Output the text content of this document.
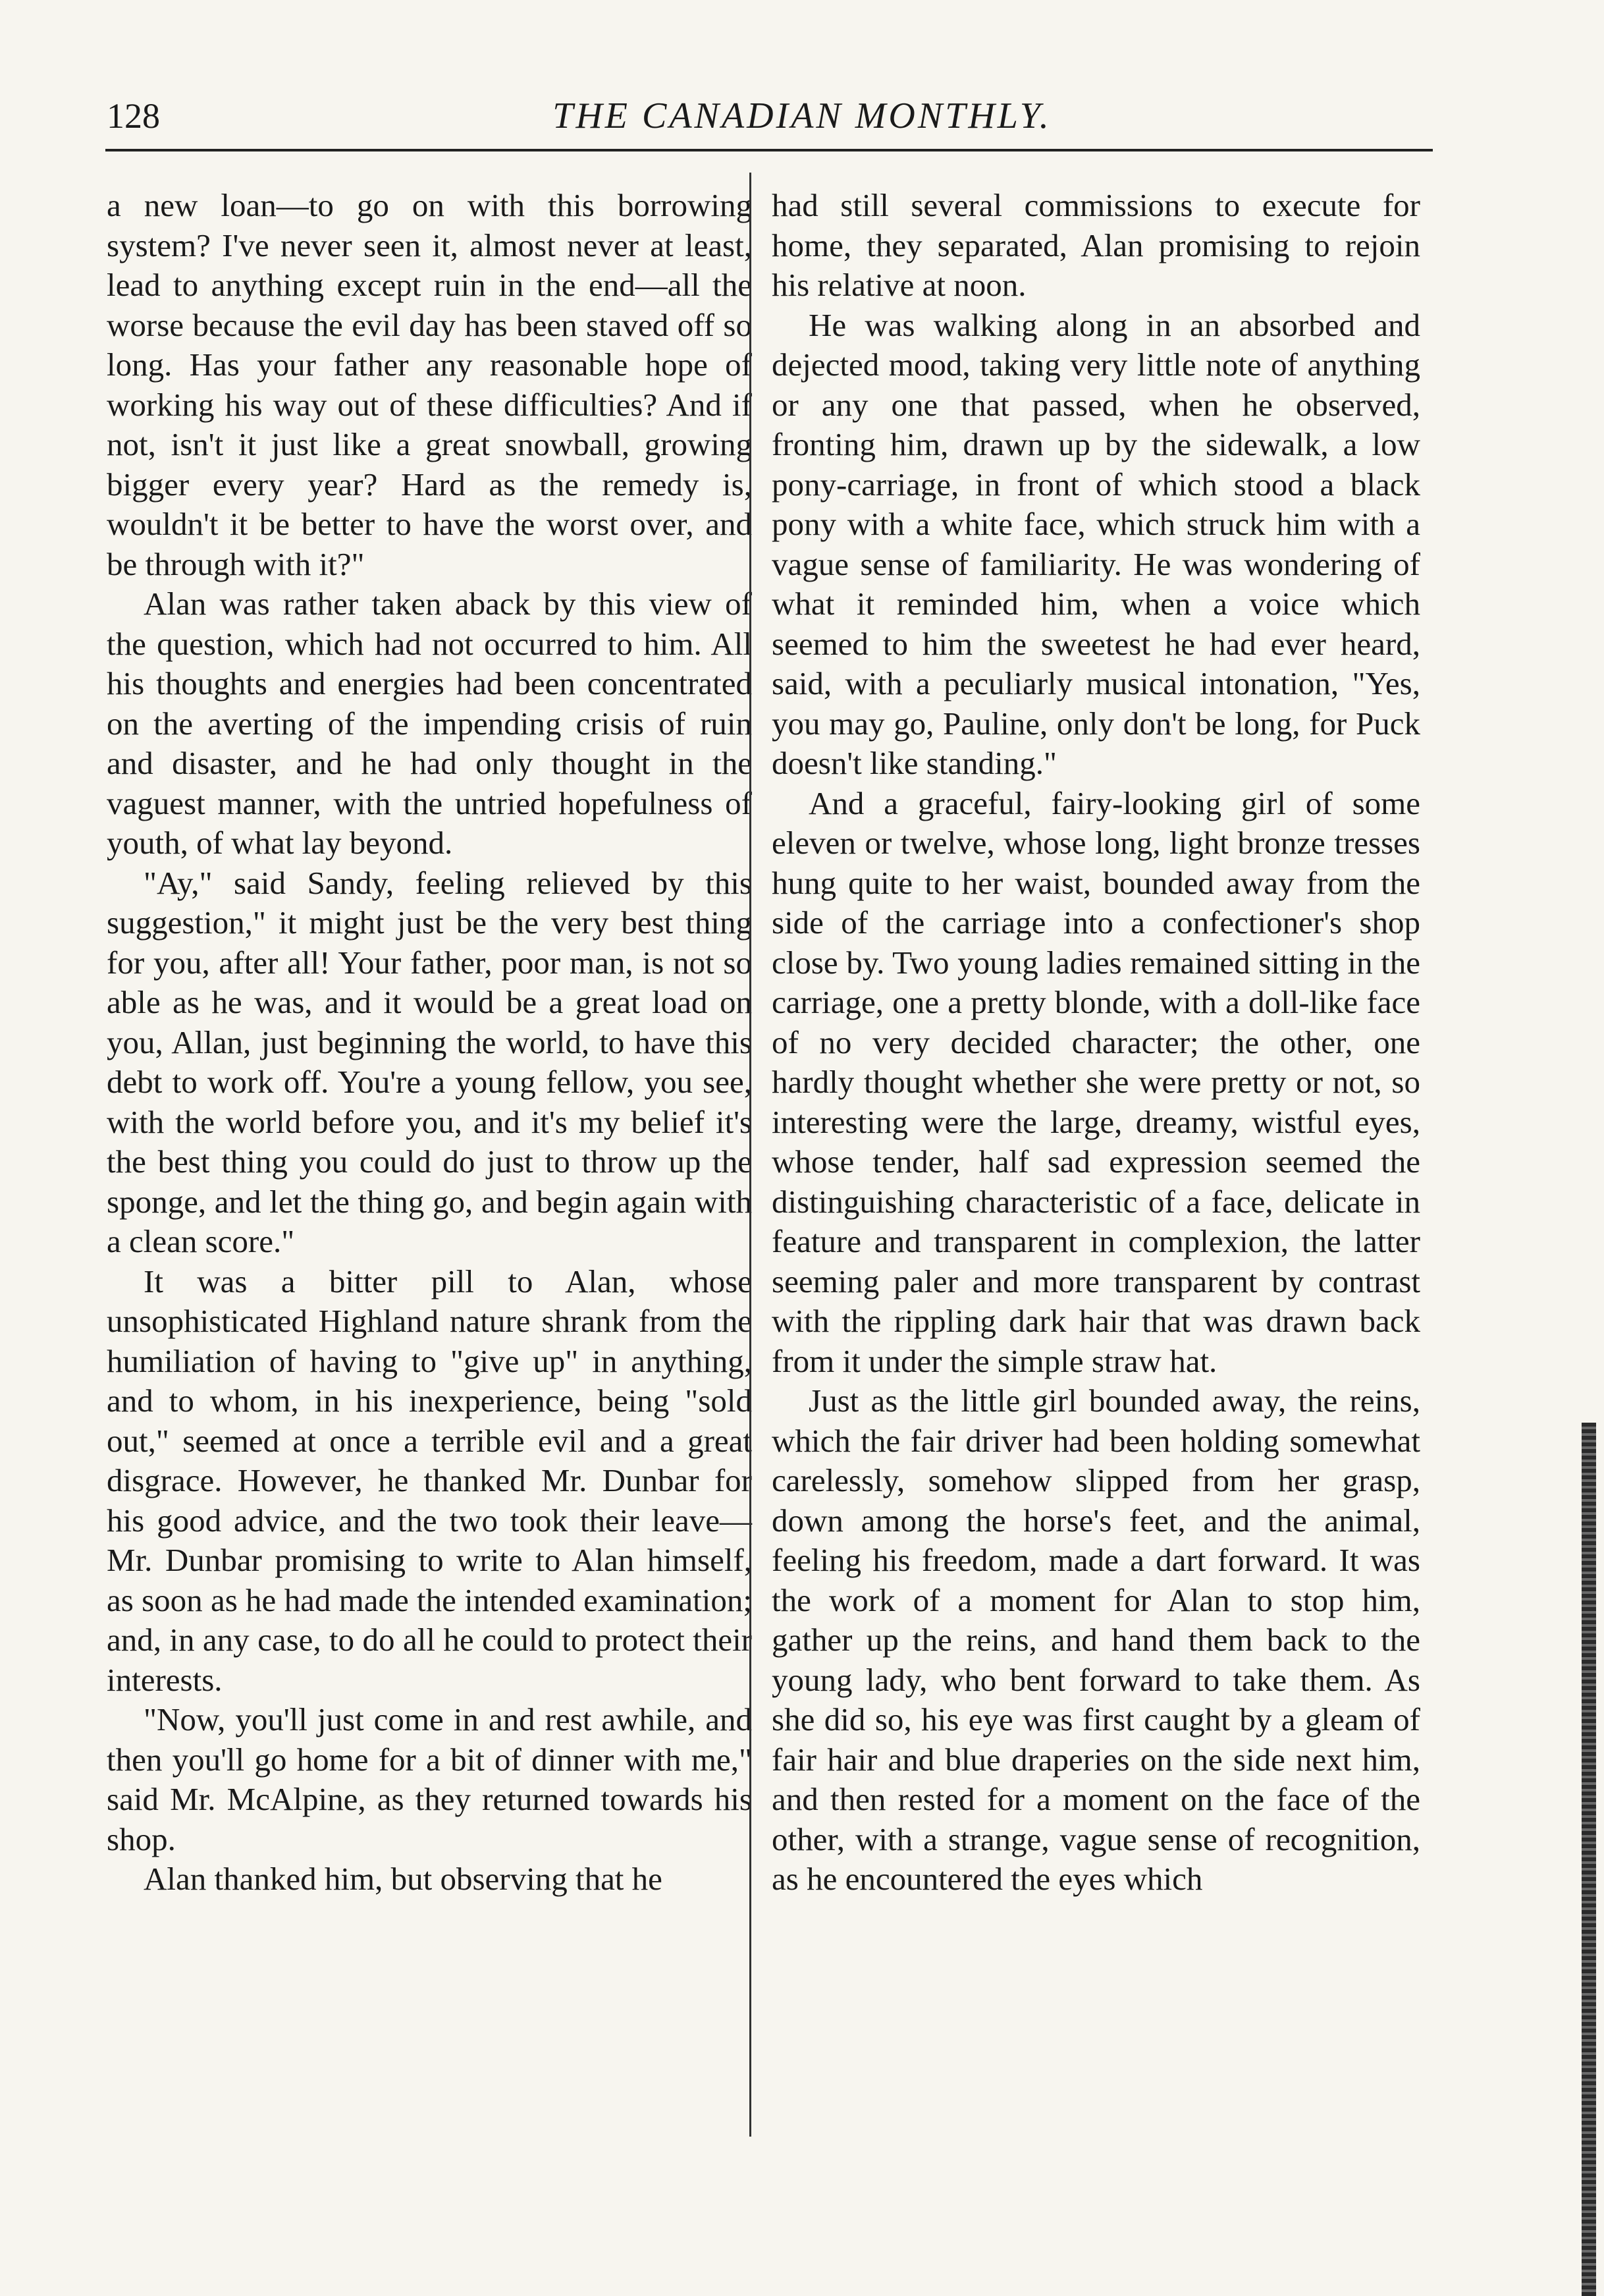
128	THE CANADIAN MONTHLY.

a new loan—to go on with this borrowing system? I've never seen it, almost never at least, lead to anything except ruin in the end—all the worse because the evil day has been staved off so long. Has your father any reasonable hope of working his way out of these difficulties? And if not, isn't it just like a great snowball, growing bigger every year? Hard as the remedy is, wouldn't it be better to have the worst over, and be through with it?"

Alan was rather taken aback by this view of the question, which had not occurred to him. All his thoughts and energies had been concentrated on the averting of the impending crisis of ruin and disaster, and he had only thought in the vaguest manner, with the untried hopefulness of youth, of what lay beyond.

"Ay," said Sandy, feeling relieved by this suggestion," it might just be the very best thing for you, after all! Your father, poor man, is not so able as he was, and it would be a great load on you, Allan, just beginning the world, to have this debt to work off. You're a young fellow, you see, with the world before you, and it's my belief it's the best thing you could do just to throw up the sponge, and let the thing go, and begin again with a clean score."

It was a bitter pill to Alan, whose unsophisticated Highland nature shrank from the humiliation of having to "give up" in anything, and to whom, in his inexperience, being "sold out," seemed at once a terrible evil and a great disgrace. However, he thanked Mr. Dunbar for his good advice, and the two took their leave—Mr. Dunbar promising to write to Alan himself, as soon as he had made the intended examination; and, in any case, to do all he could to protect their interests.

"Now, you'll just come in and rest awhile, and then you'll go home for a bit of dinner with me," said Mr. McAlpine, as they returned towards his shop.

Alan thanked him, but observing that he

had still several commissions to execute for home, they separated, Alan promising to rejoin his relative at noon.

He was walking along in an absorbed and dejected mood, taking very little note of anything or any one that passed, when he observed, fronting him, drawn up by the sidewalk, a low pony-carriage, in front of which stood a black pony with a white face, which struck him with a vague sense of familiarity. He was wondering of what it reminded him, when a voice which seemed to him the sweetest he had ever heard, said, with a peculiarly musical intonation, "Yes, you may go, Pauline, only don't be long, for Puck doesn't like standing."

And a graceful, fairy-looking girl of some eleven or twelve, whose long, light bronze tresses hung quite to her waist, bounded away from the side of the carriage into a confectioner's shop close by. Two young ladies remained sitting in the carriage, one a pretty blonde, with a doll-like face of no very decided character; the other, one hardly thought whether she were pretty or not, so interesting were the large, dreamy, wistful eyes, whose tender, half sad expression seemed the distinguishing characteristic of a face, delicate in feature and transparent in complexion, the latter seeming paler and more transparent by contrast with the rippling dark hair that was drawn back from it under the simple straw hat.

Just as the little girl bounded away, the reins, which the fair driver had been holding somewhat carelessly, somehow slipped from her grasp, down among the horse's feet, and the animal, feeling his freedom, made a dart forward. It was the work of a moment for Alan to stop him, gather up the reins, and hand them back to the young lady, who bent forward to take them. As she did so, his eye was first caught by a gleam of fair hair and blue draperies on the side next him, and then rested for a moment on the face of the other, with a strange, vague sense of recognition, as he encountered the eyes which
